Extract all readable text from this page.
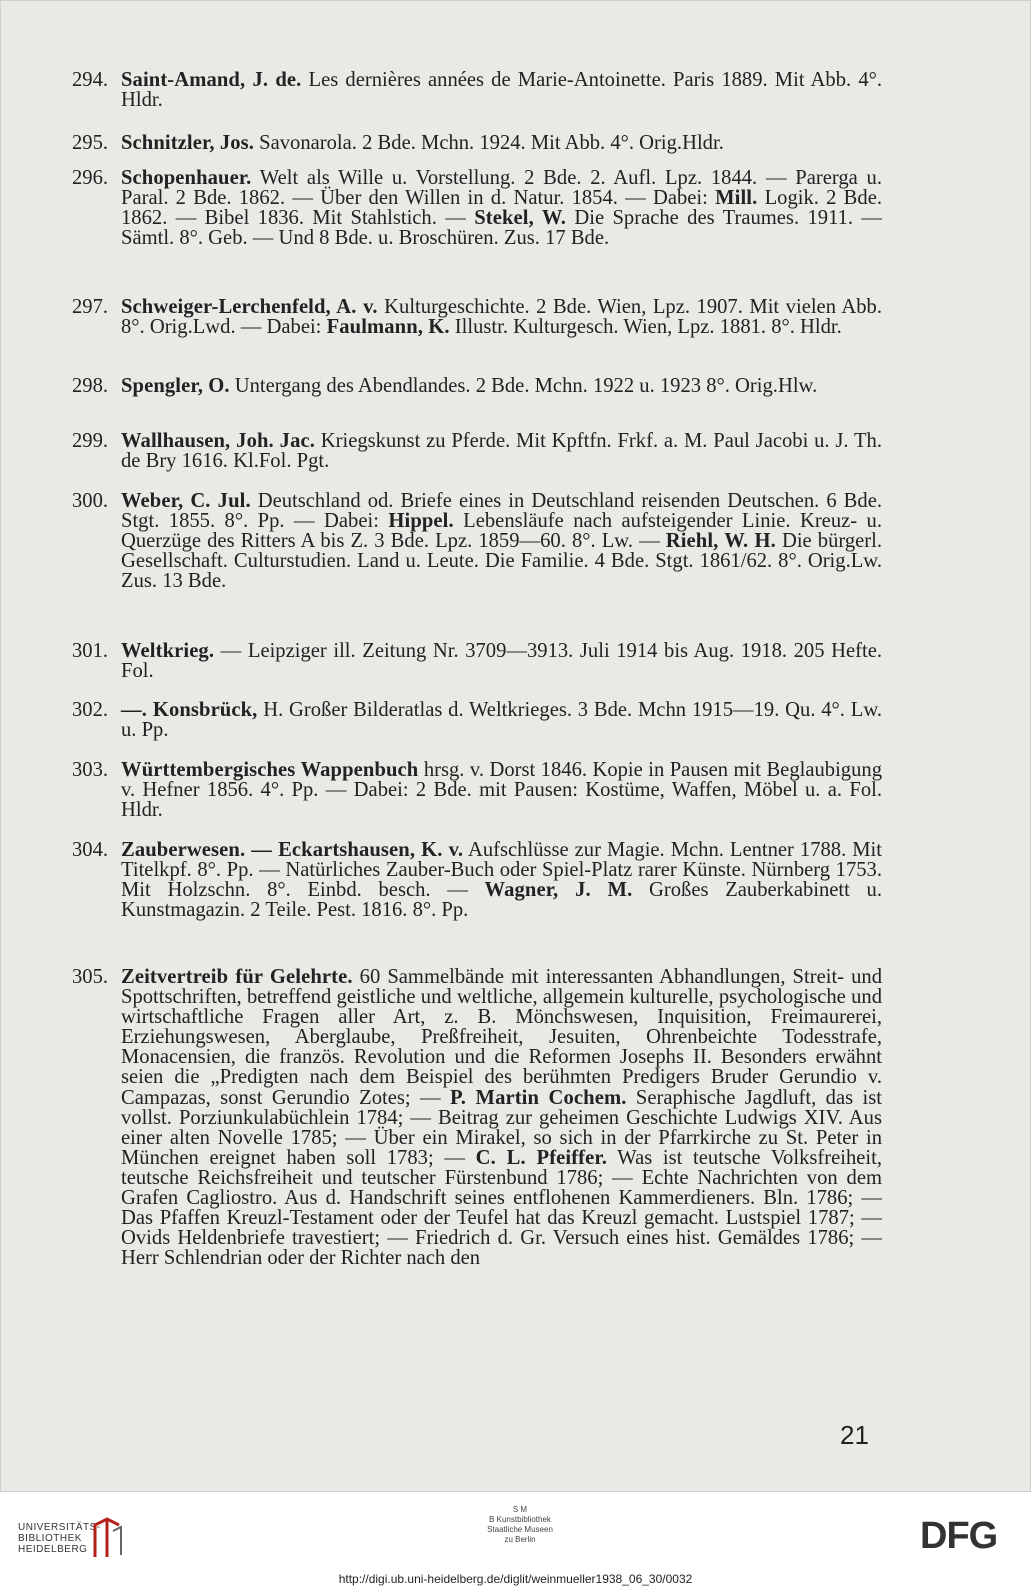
294. Saint-Amand, J. de. Les dernières années de Marie-Antoinette. Paris 1889. Mit Abb. 4°. Hldr.
295. Schnitzler, Jos. Savonarola. 2 Bde. Mchn. 1924. Mit Abb. 4°. Orig.Hldr.
296. Schopenhauer. Welt als Wille u. Vorstellung. 2 Bde. 2. Aufl. Lpz. 1844. — Parerga u. Paral. 2 Bde. 1862. — Über den Willen in d. Natur. 1854. — Dabei: Mill. Logik. 2 Bde. 1862. — Bibel 1836. Mit Stahlstich. — Stekel, W. Die Sprache des Traumes. 1911. — Sämtl. 8°. Geb. — Und 8 Bde. u. Broschüren. Zus. 17 Bde.
297. Schweiger-Lerchenfeld, A. v. Kulturgeschichte. 2 Bde. Wien, Lpz. 1907. Mit vielen Abb. 8°. Orig.Lwd. — Dabei: Faulmann, K. Illustr. Kulturgesch. Wien, Lpz. 1881. 8°. Hldr.
298. Spengler, O. Untergang des Abendlandes. 2 Bde. Mchn. 1922 u. 1923 8°. Orig.Hlw.
299. Wallhausen, Joh. Jac. Kriegskunst zu Pferde. Mit Kpftfn. Frkf. a. M. Paul Jacobi u. J. Th. de Bry 1616. Kl.Fol. Pgt.
300. Weber, C. Jul. Deutschland od. Briefe eines in Deutschland reisenden Deutschen. 6 Bde. Stgt. 1855. 8°. Pp. — Dabei: Hippel. Lebensläufe nach aufsteigender Linie. Kreuz- u. Querzüge des Ritters A bis Z. 3 Bde. Lpz. 1859—60. 8°. Lw. — Riehl, W. H. Die bürgerl. Gesellschaft. Culturstudien. Land u. Leute. Die Familie. 4 Bde. Stgt. 1861/62. 8°. Orig.Lw. Zus. 13 Bde.
301. Weltkrieg. — Leipziger ill. Zeitung Nr. 3709—3913. Juli 1914 bis Aug. 1918. 205 Hefte. Fol.
302. —. Konsbrück, H. Großer Bilderatlas d. Weltkrieges. 3 Bde. Mchn 1915—19. Qu. 4°. Lw. u. Pp.
303. Württembergisches Wappenbuch hrsg. v. Dorst 1846. Kopie in Pausen mit Beglaubigung v. Hefner 1856. 4°. Pp. — Dabei: 2 Bde. mit Pausen: Kostüme, Waffen, Möbel u. a. Fol. Hldr.
304. Zauberwesen. — Eckartshausen, K. v. Aufschlüsse zur Magie. Mchn. Lentner 1788. Mit Titelkpf. 8°. Pp. — Natürliches Zauber-Buch oder Spiel-Platz rarer Künste. Nürnberg 1753. Mit Holzschn. 8°. Einbd. besch. — Wagner, J. M. Großes Zauberkabinett u. Kunstmagazin. 2 Teile. Pest. 1816. 8°. Pp.
305. Zeitvertreib für Gelehrte. 60 Sammelbände mit interessanten Abhandlungen, Streit- und Spottschriften, betreffend geistliche und weltliche, allgemein kulturelle, psychologische und wirtschaftliche Fragen aller Art, z. B. Mönchswesen, Inquisition, Freimaurerei, Erziehungswesen, Aberglaube, Preßfreiheit, Jesuiten, Ohrenbeichte Todesstrafe, Monacensien, die französ. Revolution und die Reformen Josephs II. Besonders erwähnt seien die „Predigten nach dem Beispiel des berühmten Predigers Bruder Gerundio v. Campazas, sonst Gerundio Zotes; — P. Martin Cochem. Seraphische Jagdluft, das ist vollst. Porziunkulabüchlein 1784; — Beitrag zur geheimen Geschichte Ludwigs XIV. Aus einer alten Novelle 1785; — Über ein Mirakel, so sich in der Pfarrkirche zu St. Peter in München ereignet haben soll 1783; — C. L. Pfeiffer. Was ist teutsche Volksfreiheit, teutsche Reichsfreiheit und teutscher Fürstenbund 1786; — Echte Nachrichten von dem Grafen Cagliostro. Aus d. Handschrift seines entflohenen Kammerdieners. Bln. 1786; — Das Pfaffen Kreuzl-Testament oder der Teufel hat das Kreuzl gemacht. Lustspiel 1787; — Ovids Heldenbriefe travestiert; — Friedrich d. Gr. Versuch eines hist. Gemäldes 1786; — Herr Schlendrian oder der Richter nach den
21
UNIVERSITÄTS-
BIBLIOTHEK
HEIDELBERG
S M
B Kunstbibliothek
Staatliche Museen
zu Berlin	DFG
http://digi.ub.uni-heidelberg.de/diglit/weinmueller1938_06_30/0032
